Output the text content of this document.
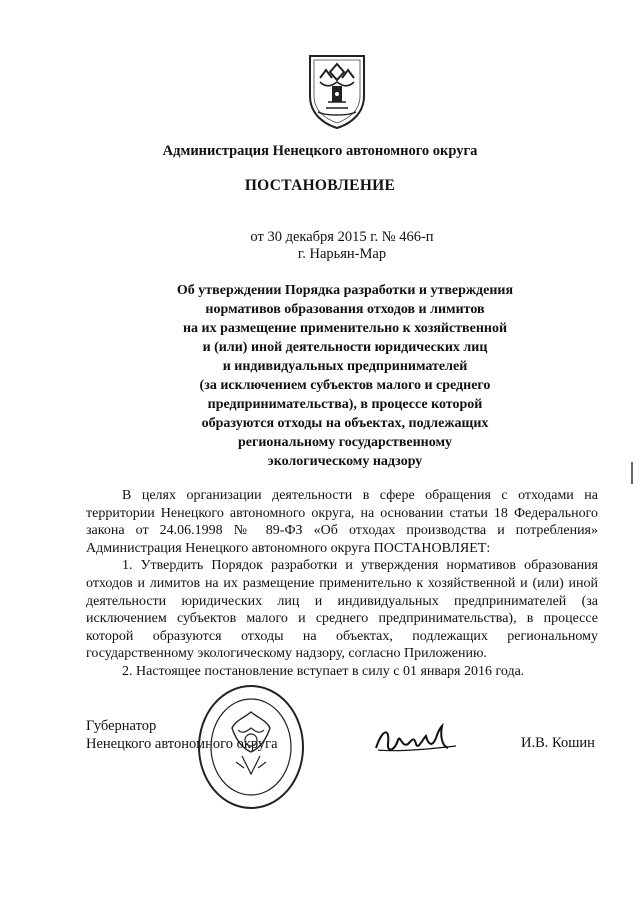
Администрация Ненецкого автономного округа
ПОСТАНОВЛЕНИЕ
от 30 декабря 2015 г. № 466-п
г. Нарьян-Мар
Об утверждении Порядка разработки и утверждения
нормативов образования отходов и лимитов
на их размещение применительно к хозяйственной
и (или) иной деятельности юридических лиц
и индивидуальных предпринимателей
(за исключением субъектов малого и среднего
предпринимательства), в процессе которой
образуются отходы на объектах, подлежащих
региональному государственному
экологическому надзору

В целях организации деятельности в сфере обращения с отходами на территории Ненецкого автономного округа, на основании статьи 18 Федерального закона от 24.06.1998 № 89-ФЗ «Об отходах производства и потребления» Администрация Ненецкого автономного округа ПОСТАНОВЛЯЕТ:

1. Утвердить Порядок разработки и утверждения нормативов образования отходов и лимитов на их размещение применительно к хозяйственной и (или) иной деятельности юридических лиц и индивидуальных предпринимателей (за исключением субъектов малого и среднего предпринимательства), в процессе которой образуются отходы на объектах, подлежащих региональному государственному экологическому надзору, согласно Приложению.

2. Настоящее постановление вступает в силу с 01 января 2016 года.

Губернатор
Ненецкого автономного округа	И.В. Кошин
